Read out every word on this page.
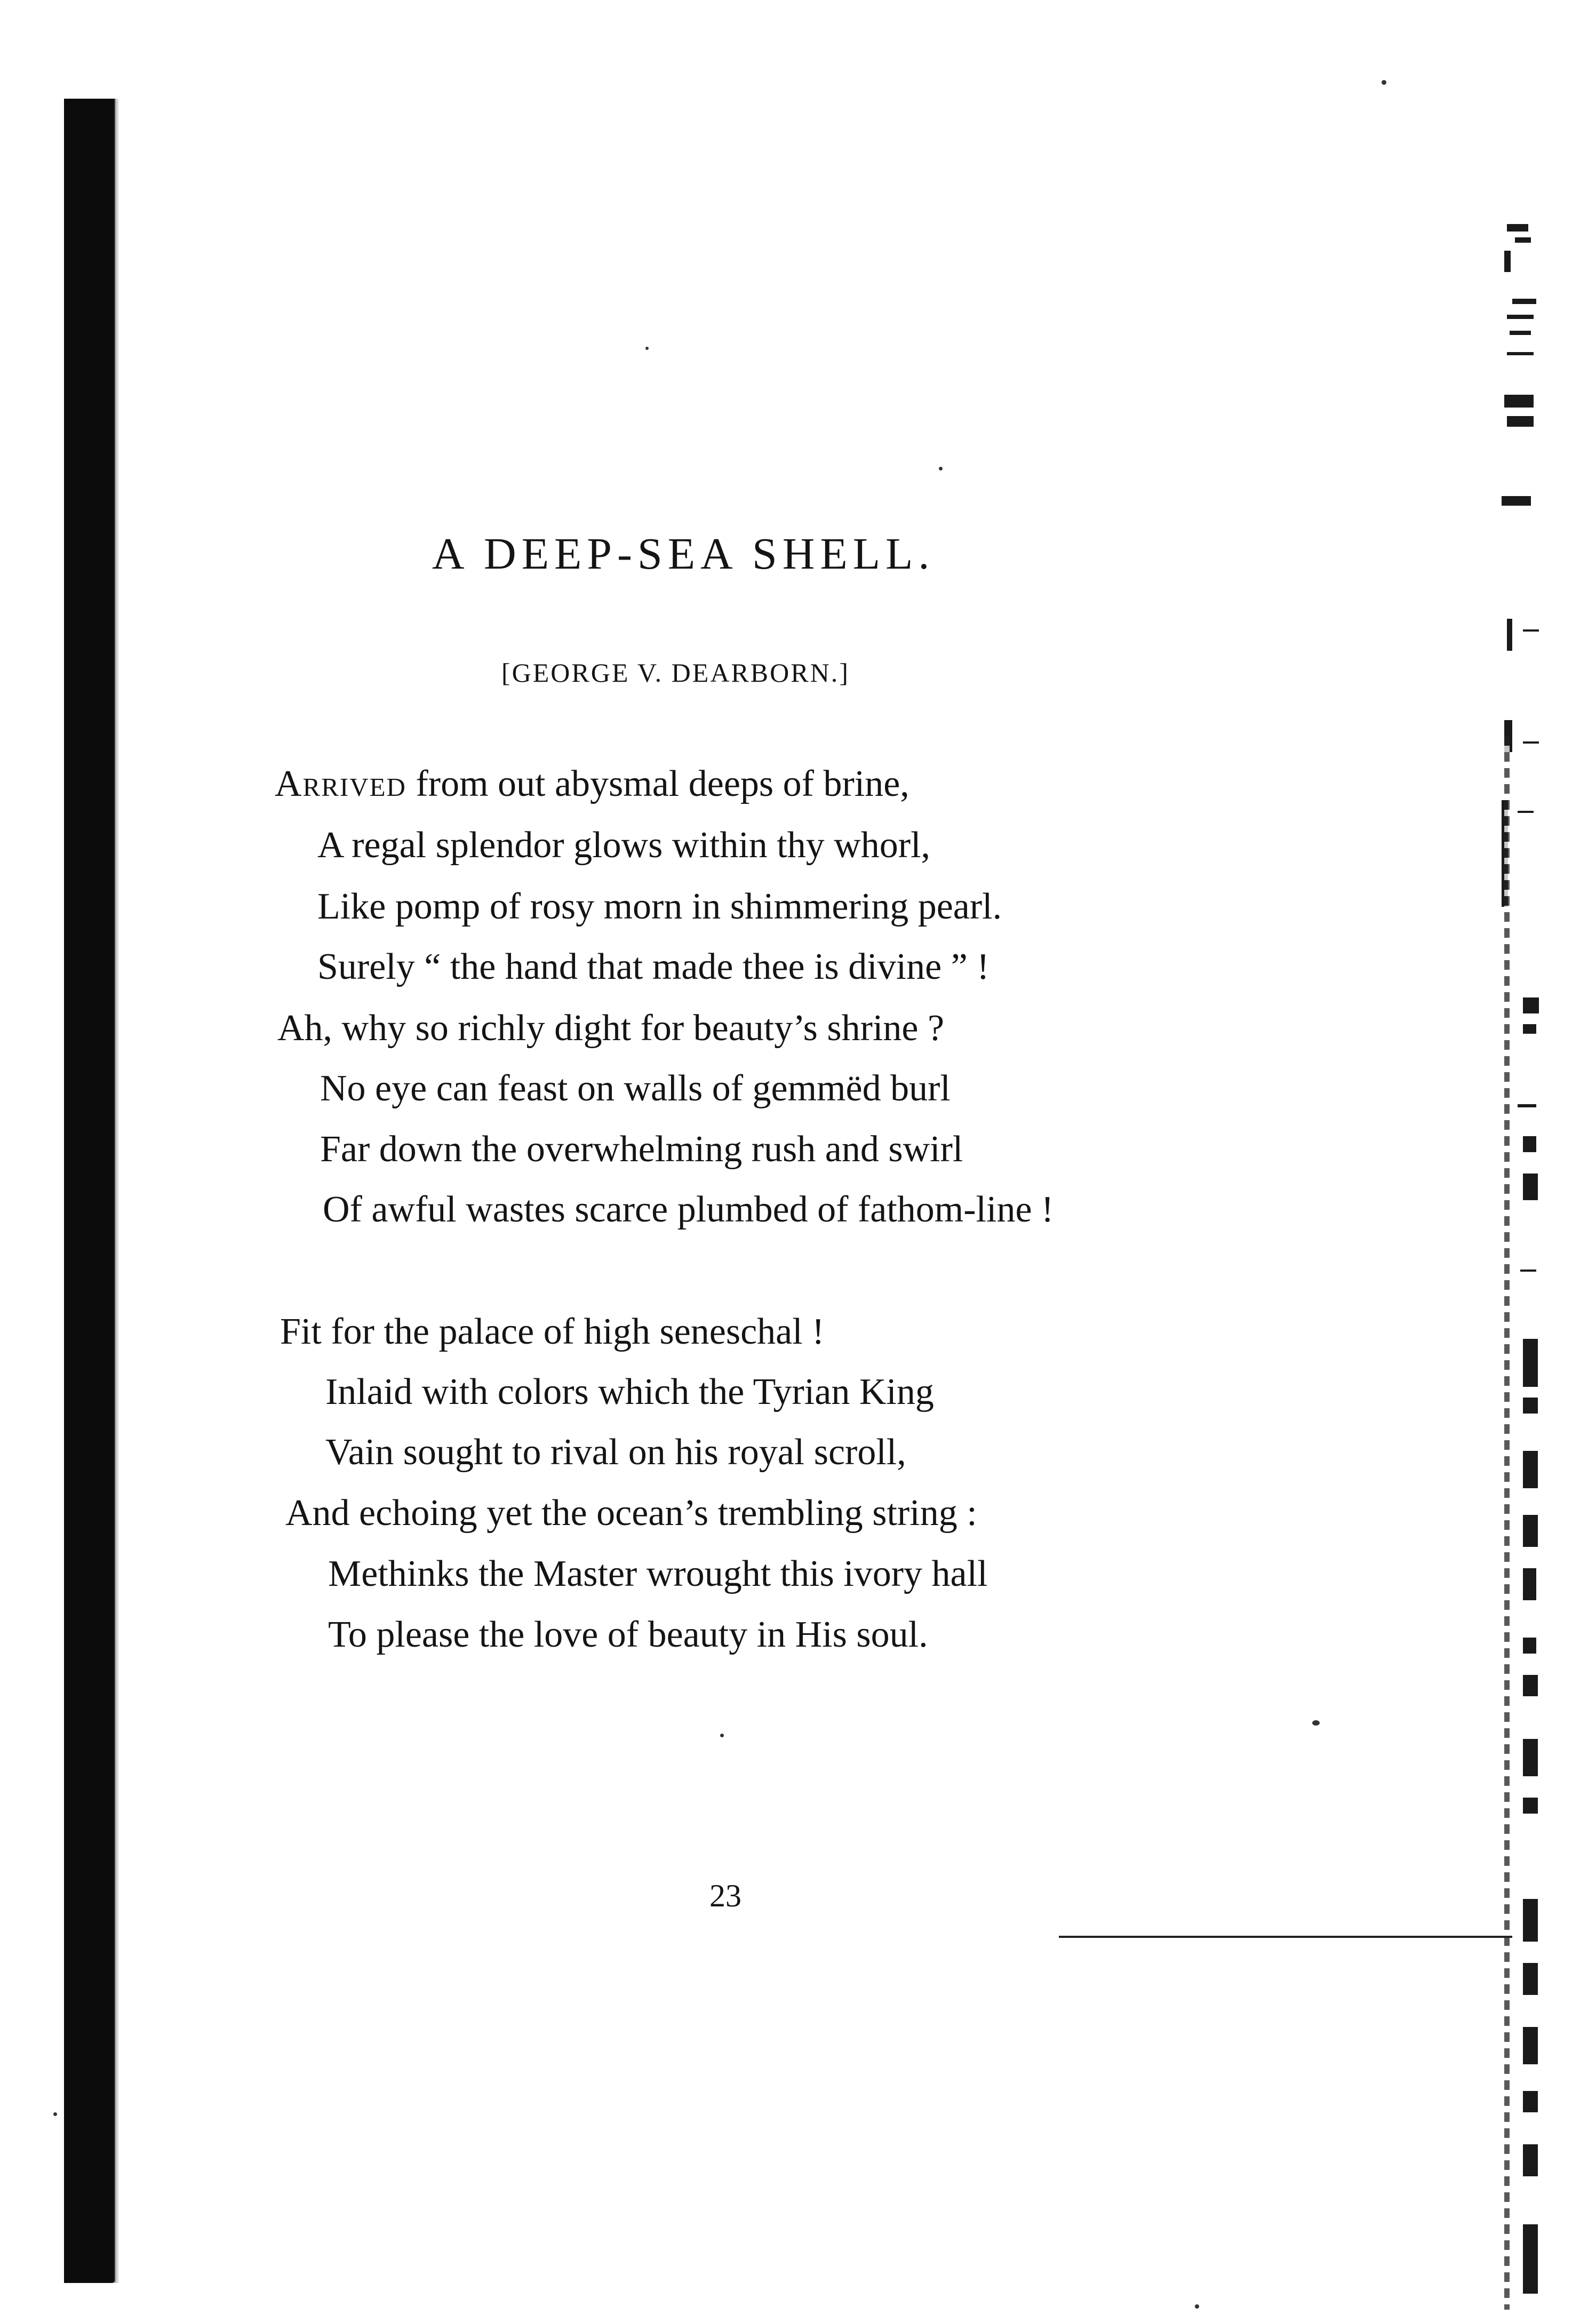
A DEEP-SEA SHELL.
[GEORGE V. DEARBORN.]
Arrived from out abysmal deeps of brine,
A regal splendor glows within thy whorl,
Like pomp of rosy morn in shimmering pearl.
Surely “ the hand that made thee is divine ” !
Ah, why so richly dight for beauty’s shrine ?
No eye can feast on walls of gemmëd burl
Far down the overwhelming rush and swirl
Of awful wastes scarce plumbed of fathom-line !
Fit for the palace of high seneschal !
Inlaid with colors which the Tyrian King
Vain sought to rival on his royal scroll,
And echoing yet the ocean’s trembling string :
Methinks the Master wrought this ivory hall
To please the love of beauty in His soul.
23
